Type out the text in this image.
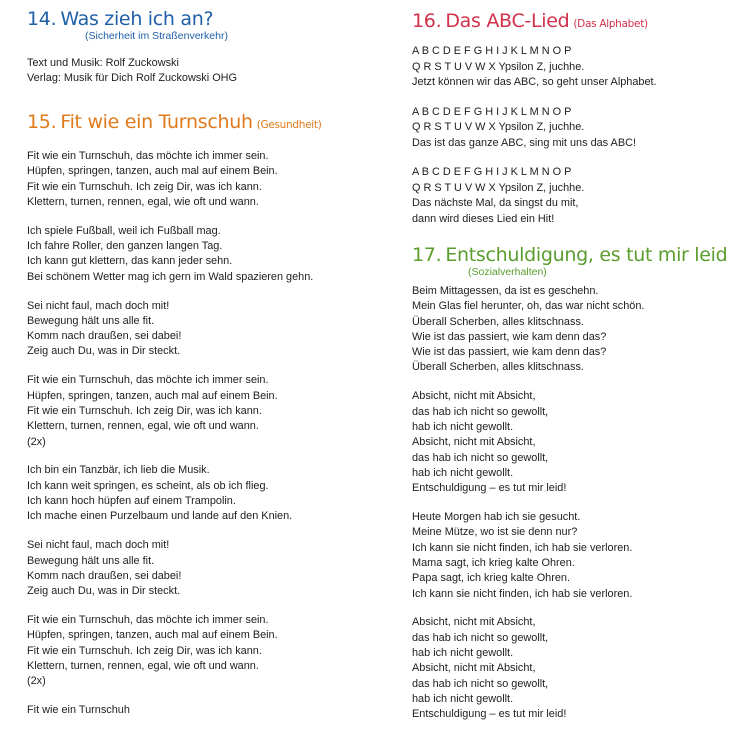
14. Was zieh ich an?
(Sicherheit im Straßenverkehr)
Text und Musik: Rolf Zuckowski
Verlag: Musik für Dich Rolf Zuckowski OHG
15. Fit wie ein Turnschuh (Gesundheit)
Fit wie ein Turnschuh, das möchte ich immer sein.
Hüpfen, springen, tanzen, auch mal auf einem Bein.
Fit wie ein Turnschuh. Ich zeig Dir, was ich kann.
Klettern, turnen, rennen, egal, wie oft und wann.
Ich spiele Fußball, weil ich Fußball mag.
Ich fahre Roller, den ganzen langen Tag.
Ich kann gut klettern, das kann jeder sehn.
Bei schönem Wetter mag ich gern im Wald spazieren gehn.
Sei nicht faul, mach doch mit!
Bewegung hält uns alle fit.
Komm nach draußen, sei dabei!
Zeig auch Du, was in Dir steckt.
Fit wie ein Turnschuh, das möchte ich immer sein.
Hüpfen, springen, tanzen, auch mal auf einem Bein.
Fit wie ein Turnschuh. Ich zeig Dir, was ich kann.
Klettern, turnen, rennen, egal, wie oft und wann.
(2x)
Ich bin ein Tanzbär, ich lieb die Musik.
Ich kann weit springen, es scheint, als ob ich flieg.
Ich kann hoch hüpfen auf einem Trampolin.
Ich mache einen Purzelbaum und lande auf den Knien.
Sei nicht faul, mach doch mit!
Bewegung hält uns alle fit.
Komm nach draußen, sei dabei!
Zeig auch Du, was in Dir steckt.
Fit wie ein Turnschuh, das möchte ich immer sein.
Hüpfen, springen, tanzen, auch mal auf einem Bein.
Fit wie ein Turnschuh. Ich zeig Dir, was ich kann.
Klettern, turnen, rennen, egal, wie oft und wann.
(2x)
Fit wie ein Turnschuh
16. Das ABC-Lied (Das Alphabet)
A B C D E F G H I J K L M N O P
Q R S T U V W X Ypsilon Z, juchhe.
Jetzt können wir das ABC, so geht unser Alphabet.
A B C D E F G H I J K L M N O P
Q R S T U V W X Ypsilon Z, juchhe.
Das ist das ganze ABC, sing mit uns das ABC!
A B C D E F G H I J K L M N O P
Q R S T U V W X Ypsilon Z, juchhe.
Das nächste Mal, da singst du mit,
dann wird dieses Lied ein Hit!
17. Entschuldigung, es tut mir leid
(Sozialverhalten)
Beim Mittagessen, da ist es geschehn.
Mein Glas fiel herunter, oh, das war nicht schön.
Überall Scherben, alles klitschnass.
Wie ist das passiert, wie kam denn das?
Wie ist das passiert, wie kam denn das?
Überall Scherben, alles klitschnass.
Absicht, nicht mit Absicht,
das hab ich nicht so gewollt,
hab ich nicht gewollt.
Absicht, nicht mit Absicht,
das hab ich nicht so gewollt,
hab ich nicht gewollt.
Entschuldigung – es tut mir leid!
Heute Morgen hab ich sie gesucht.
Meine Mütze, wo ist sie denn nur?
Ich kann sie nicht finden, ich hab sie verloren.
Mama sagt, ich krieg kalte Ohren.
Papa sagt, ich krieg kalte Ohren.
Ich kann sie nicht finden, ich hab sie verloren.
Absicht, nicht mit Absicht,
das hab ich nicht so gewollt,
hab ich nicht gewollt.
Absicht, nicht mit Absicht,
das hab ich nicht so gewollt,
hab ich nicht gewollt.
Entschuldigung – es tut mir leid!
